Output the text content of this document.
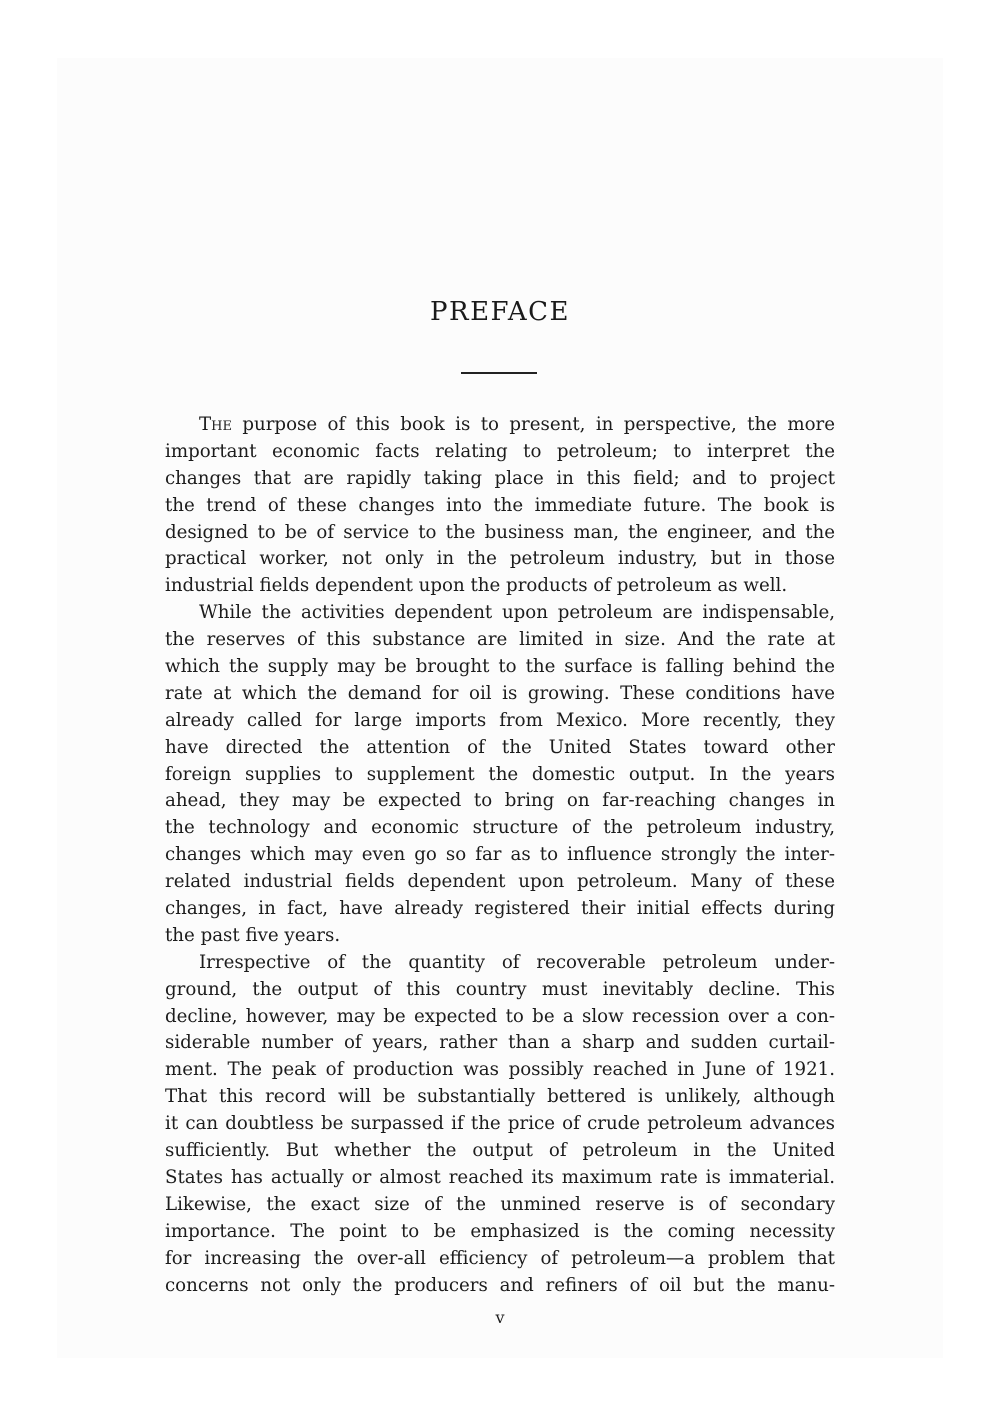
PREFACE
The purpose of this book is to present, in perspective, the more
important economic facts relating to petroleum; to interpret the
changes that are rapidly taking place in this field; and to project
the trend of these changes into the immediate future. The book is
designed to be of service to the business man, the engineer, and the
practical worker, not only in the petroleum industry, but in those
industrial fields dependent upon the products of petroleum as well.
While the activities dependent upon petroleum are indispensable,
the reserves of this substance are limited in size. And the rate at
which the supply may be brought to the surface is falling behind the
rate at which the demand for oil is growing. These conditions have
already called for large imports from Mexico. More recently, they
have directed the attention of the United States toward other
foreign supplies to supplement the domestic output. In the years
ahead, they may be expected to bring on far-reaching changes in
the technology and economic structure of the petroleum industry,
changes which may even go so far as to influence strongly the inter-
related industrial fields dependent upon petroleum. Many of these
changes, in fact, have already registered their initial effects during
the past five years.
Irrespective of the quantity of recoverable petroleum under-
ground, the output of this country must inevitably decline. This
decline, however, may be expected to be a slow recession over a con-
siderable number of years, rather than a sharp and sudden curtail-
ment. The peak of production was possibly reached in June of 1921.
That this record will be substantially bettered is unlikely, although
it can doubtless be surpassed if the price of crude petroleum advances
sufficiently. But whether the output of petroleum in the United
States has actually or almost reached its maximum rate is immaterial.
Likewise, the exact size of the unmined reserve is of secondary
importance. The point to be emphasized is the coming necessity
for increasing the over-all efficiency of petroleum—a problem that
concerns not only the producers and refiners of oil but the manu-
v
